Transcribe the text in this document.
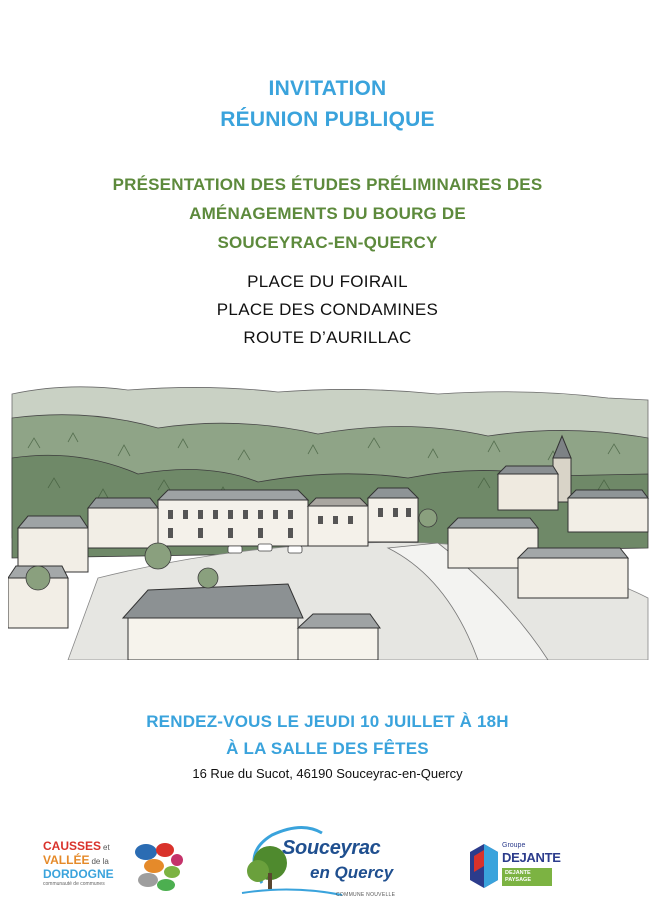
INVITATION
RÉUNION PUBLIQUE
PRÉSENTATION DES ÉTUDES PRÉLIMINAIRES DES
AMÉNAGEMENTS DU BOURG DE
SOUCEYRAC-EN-QUERCY
PLACE DU FOIRAIL
PLACE DES CONDAMINES
ROUTE D’AURILLAC
RENDEZ-VOUS LE JEUDI 10 JUILLET À 18H
À LA SALLE DES FÊTES
16 Rue du Sucot, 46190 Souceyrac-en-Quercy
CAUSSES et
VALLÉE de la
DORDOGNE
communauté de communes
Souceyrac
en Quercy
COMMUNE NOUVELLE
Groupe
DEJANTE
DEJANTE PAYSAGE
